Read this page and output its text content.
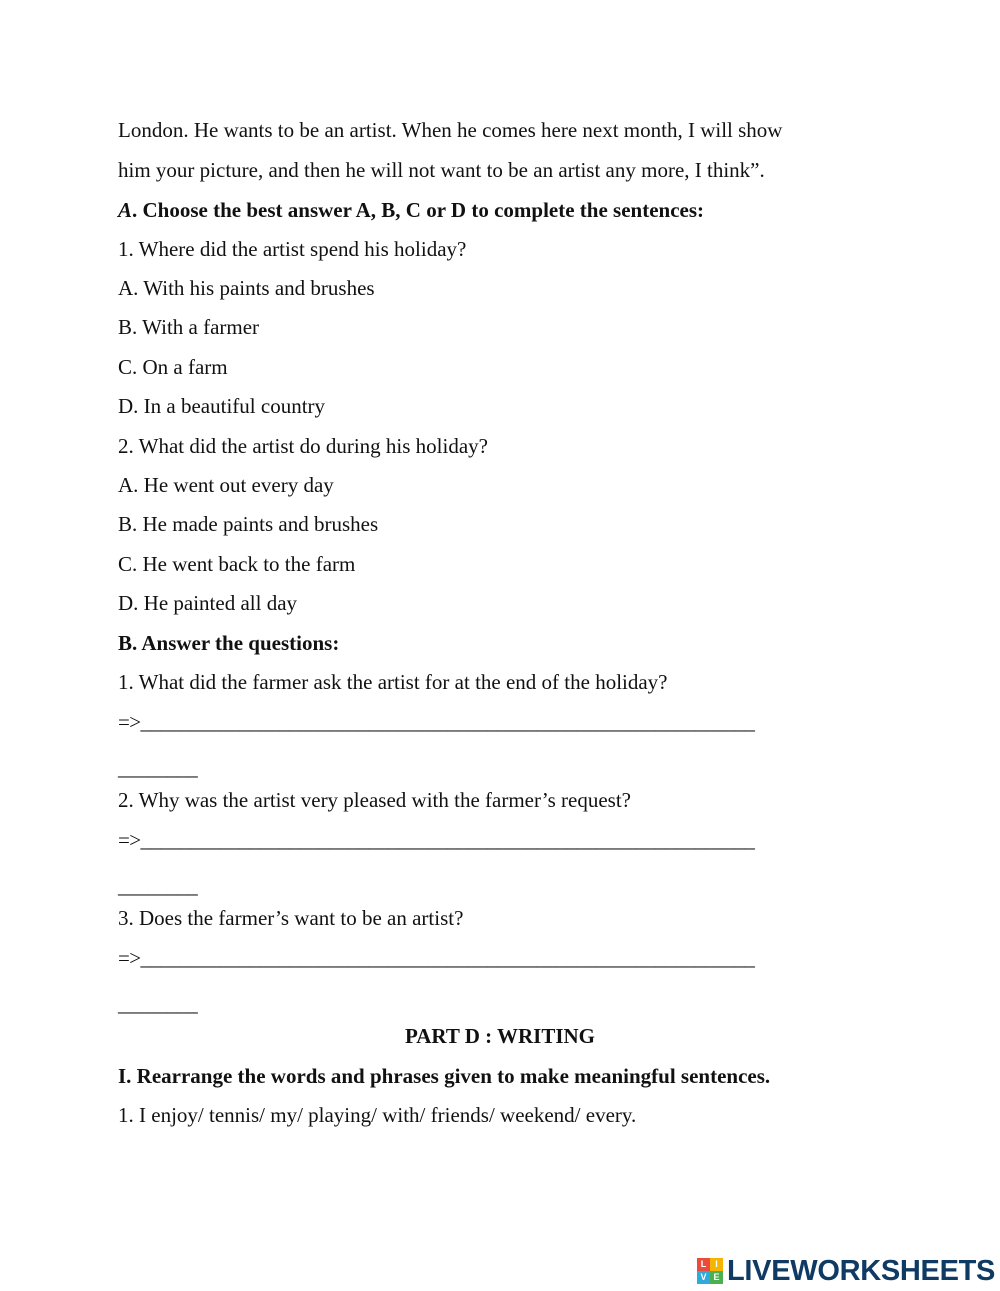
London. He wants to be an artist. When he comes here next month, I will show
him your picture, and then he will not want to be an artist any more, I think”.
A. Choose the best answer A, B, C or D to complete the sentences:
1. Where did the artist spend his holiday?
A. With his paints and brushes
B. With a farmer
C. On a farm
D. In a beautiful country
2. What did the artist do during his holiday?
A. He went out every day
B. He made paints and brushes
C. He went back to the farm
D. He painted all day
B. Answer the questions:
1. What did the farmer ask the artist for at the end of the holiday?
=>______________________________________________________________
________
2. Why was the artist very pleased with the farmer’s request?
=>______________________________________________________________
________
3. Does the farmer’s want to be an artist?
=>______________________________________________________________
________
PART D : WRITING
I. Rearrange the words and phrases given to make meaningful sentences.
1. I enjoy/ tennis/ my/ playing/ with/ friends/ weekend/ every.
L I
V E LIVEWORKSHEETS
